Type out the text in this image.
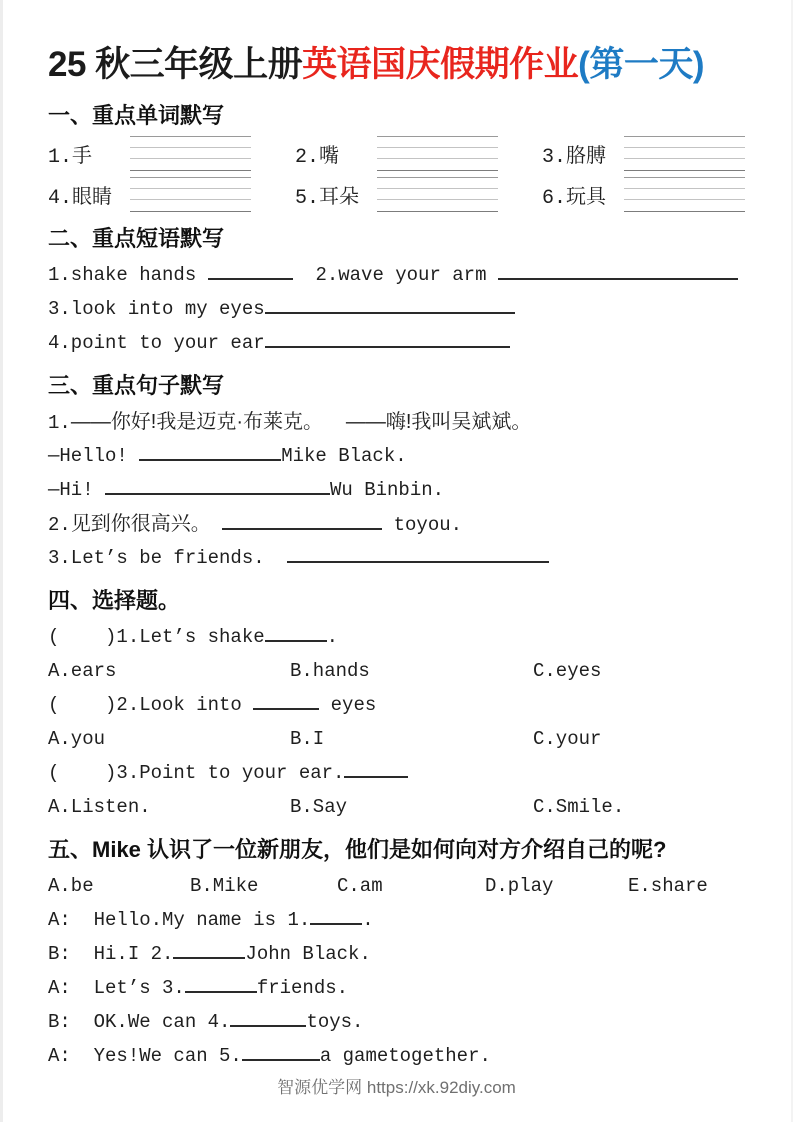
25 秋三年级上册英语国庆假期作业(第一天)
一、重点单词默写
1.手	2.嘴	3.胳膊
4.眼睛	5.耳朵	6.玩具
二、重点短语默写
1.shake hands	2.wave your arm
3.look into my eyes
4.point to your ear
三、重点句子默写
1.——你好!我是迈克·布莱克。 ——嗨!我叫吴斌斌。
—Hello!	Mike Black.
—Hi!	Wu Binbin.
2.见到你很高兴。	toyou.
3.Let’s be friends.
四、选择题。
(    )1.Let’s shake	.
A.ears	B.hands	C.eyes
(    )2.Look into	eyes
A.you	B.I	C.your
(    )3.Point to your ear.
A.Listen.	B.Say	C.Smile.
五、Mike 认识了一位新朋友，他们是如何向对方介绍自己的呢?
A.be	B.Mike	C.am	D.play	E.share
A:  Hello.My name is 1.	.
B:  Hi.I 2.	John Black.
A:  Let’s 3.	friends.
B:  OK.We can 4.	toys.
A:  Yes!We can 5.	a gametogether.
智源优学网 https://xk.92diy.com
